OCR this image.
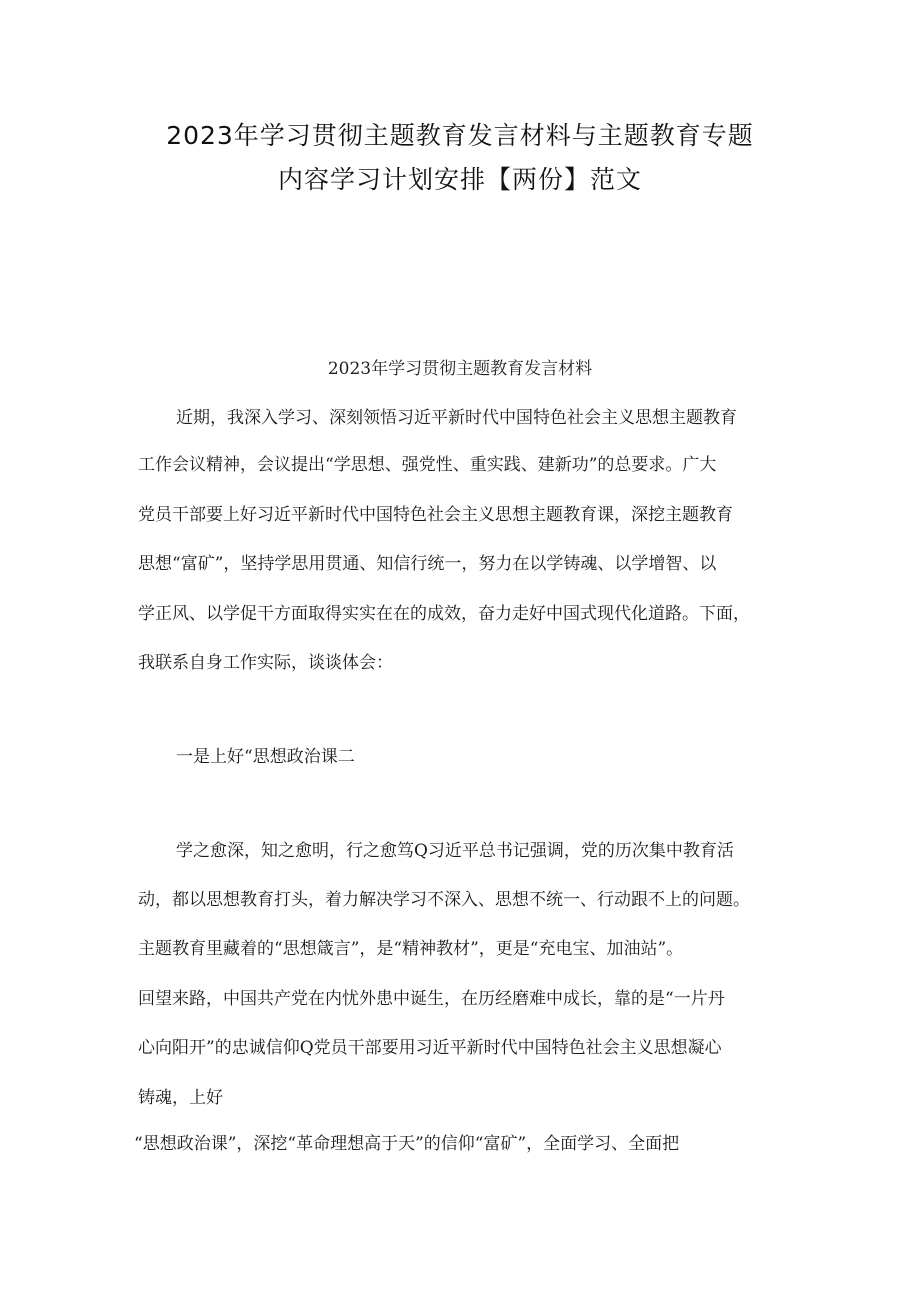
2023年学习贯彻主题教育发言材料与主题教育专题
内容学习计划安排【两份】范文
2023年学习贯彻主题教育发言材料
近期，我深入学习、深刻领悟习近平新时代中国特色社会主义思想主题教育
工作会议精神，会议提出“学思想、强党性、重实践、建新功”的总要求。广大
党员干部要上好习近平新时代中国特色社会主义思想主题教育课，深挖主题教育
思想“富矿”，坚持学思用贯通、知信行统一，努力在以学铸魂、以学增智、以
学正风、以学促干方面取得实实在在的成效，奋力走好中国式现代化道路。下面，
我联系自身工作实际，谈谈体会：
一是上好“思想政治课二
学之愈深，知之愈明，行之愈笃Q习近平总书记强调，党的历次集中教育活
动，都以思想教育打头，着力解决学习不深入、思想不统一、行动跟不上的问题。
主题教育里藏着的“思想箴言”，是“精神教材”，更是“充电宝、加油站”。
回望来路，中国共产党在内忧外患中诞生，在历经磨难中成长，靠的是“一片丹
心向阳开”的忠诚信仰Q党员干部要用习近平新时代中国特色社会主义思想凝心
铸魂，上好
“思想政治课”，深挖“革命理想高于天”的信仰“富矿”，全面学习、全面把
